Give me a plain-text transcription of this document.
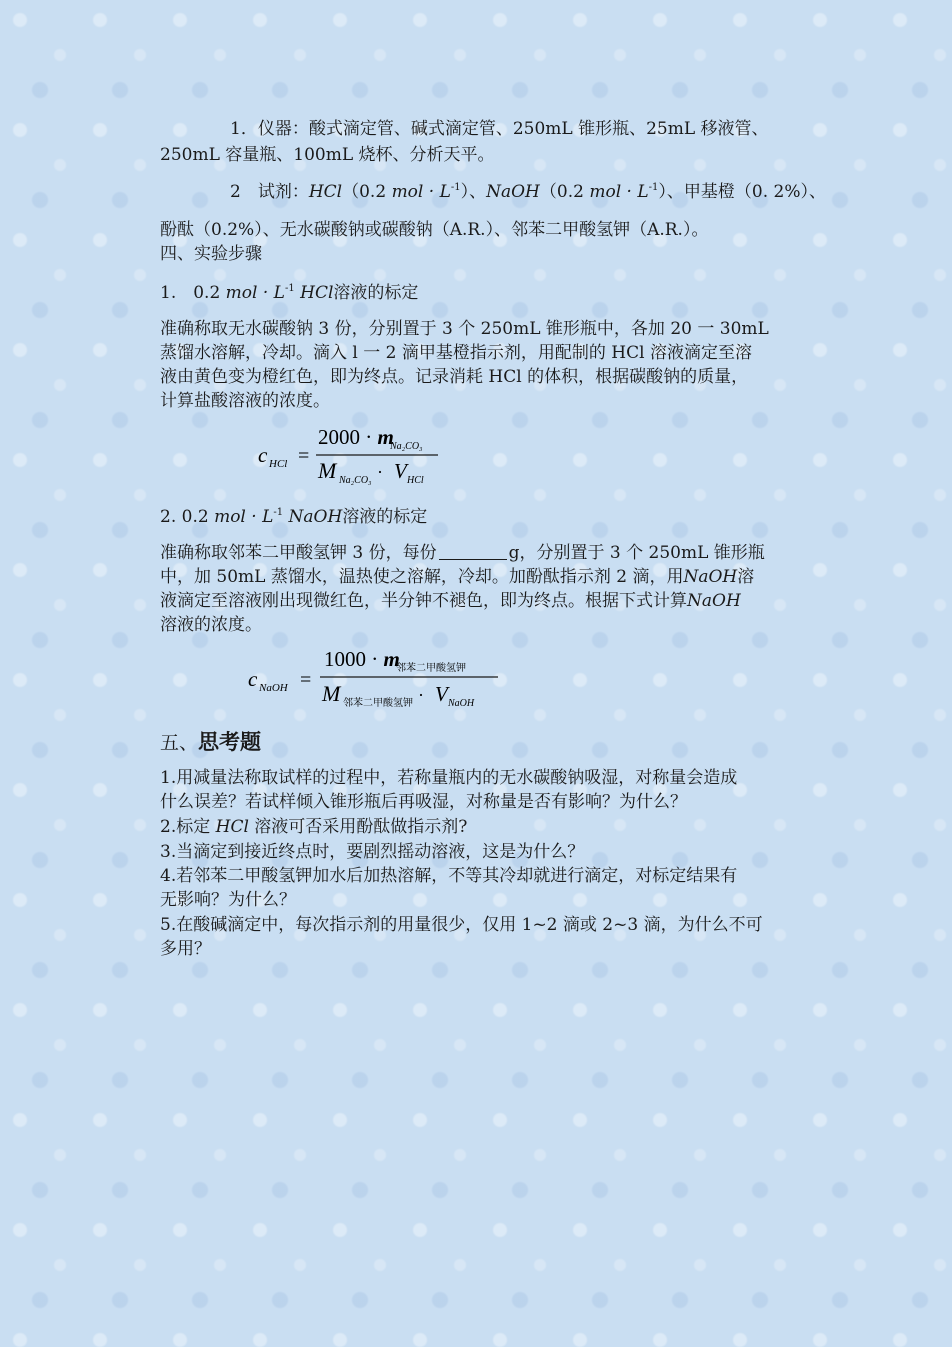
1．仪器：酸式滴定管、碱式滴定管、250mL 锥形瓶、25mL 移液管、
250mL 容量瓶、100mL 烧杯、分析天平。
2　试剂：HCl（0.2 mol · $L^{-1}$）、NaOH（0.2 mol · $L^{-1}$）、甲基橙（0. 2%）、
酚酞（0.2%）、无水碳酸钠或碳酸钠（A.R.）、邻苯二甲酸氢钾（A.R.）。
四、实验步骤
1.　0.2 mol · $L^{-1}$ HCl溶液的标定
准确称取无水碳酸钠 3 份，分别置于 3 个 250mL 锥形瓶中，各加 20 一 30mL
蒸馏水溶解，冷却。滴入 l 一 2 滴甲基橙指示剂，用配制的 HCl 溶液滴定至溶
液由黄色变为橙红色，即为终点。记录消耗 HCl 的体积，根据碳酸钠的质量，
计算盐酸溶液的浓度。
c HCl =
2000 · m
Na₂CO₃
M Na₂CO₃ · V HCl
2. 0.2 mol · $L^{-1}$ NaOH溶液的标定
准确称取邻苯二甲酸氢钾 3 份，每份	g，分别置于 3 个 250mL 锥形瓶
中，加 50mL 蒸馏水，温热使之溶解，冷却。加酚酞指示剂 2 滴，用NaOH溶
液滴定至溶液刚出现微红色，半分钟不褪色，即为终点。根据下式计算NaOH
溶液的浓度。
c NaOH =
1000 · m
邻苯二甲酸氢钾
M 邻苯二甲酸氢钾 · V NaOH
五、思考题
1.用减量法称取试样的过程中，若称量瓶内的无水碳酸钠吸湿，对称量会造成
什么误差？若试样倾入锥形瓶后再吸湿，对称量是否有影响？为什么？
2.标定 HCl 溶液可否采用酚酞做指示剂?
3.当滴定到接近终点时，要剧烈摇动溶液，这是为什么？
4.若邻苯二甲酸氢钾加水后加热溶解，不等其冷却就进行滴定，对标定结果有
无影响？为什么？
5.在酸碱滴定中，每次指示剂的用量很少，仅用 1~2 滴或 2~3 滴，为什么不可
多用？
